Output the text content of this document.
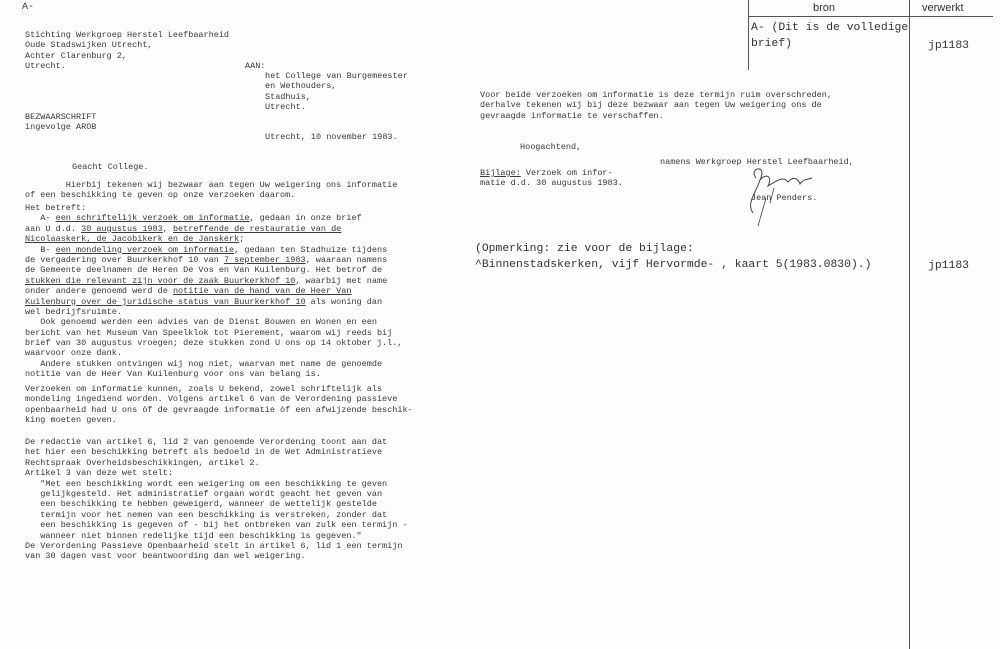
A-
Stichting Werkgroep Herstel Leefbaarheid
Oude Stadswijken Utrecht,
Achter Clarenburg 2,
Utrecht.	AAN:
het College van Burgemeester
en Wethouders,
Stadhuis,
Utrecht.
BEZWAARSCHRIFT
ingevolge AROB
Utrecht, 10 november 1983.
Geacht College.
Hierbij tekenen wij bezwaar aan tegen Uw weigering ons informatie
of een beschikking te geven op onze verzoeken daarom.
Het betreft:
A- een schriftelijk verzoek om informatie, gedaan in onze brief
aan U d.d. 30 augustus 1983, betreffende de restauratie van de
Nicolaaskerk, de Jacobikerk en de Janskerk;
B- een mondeling verzoek om informatie, gedaan ten Stadhuize tijdens
de vergadering over Buurkerkhof 10 van 7 september 1983, waaraan namens
de Gemeente deelnamen de Heren De Vos en Van Kuilenburg. Het betrof de
stukken die relevant zijn voor de zaak Buurkerkhof 10, waarbij met name
onder andere genoemd werd de notitie van de hand van de Heer Van
Kuilenburg over de juridische status van Buurkerkhof 10 als woning dan
wel bedrijfsruimte.
Ook genoemd werden een advies van de Dienst Bouwen en Wonen en een
bericht van het Museum Van Speelklok tot Pierement, waarom wij reeds bij
brief van 30 augustus vroegen; deze stukken zond U ons op 14 oktober j.l.,
waarvoor onze dank.
Andere stukken ontvingen wij nog niet, waarvan met name de genoemde
notitie van de Heer Van Kuilenburg voor ons van belang is.
Verzoeken om informatie kunnen, zoals U bekend, zowel schriftelijk als
mondeling ingediend worden. Volgens artikel 6 van de Verordening passieve
openbaarheid had U ons òf de gevraagde informatie òf een afwijzende beschik-
king moeten geven.
De redactie van artikel 6, lid 2 van genoemde Verordening toont aan dat
het hier een beschikking betreft als bedoeld in de Wet Administratieve
Rechtspraak Overheidsbeschikkingen, artikel 2.
Artikel 3 van deze wet stelt:
"Met een beschikking wordt een weigering om een beschikking te geven
gelijkgesteld. Het administratief orgaan wordt geacht het geven van
een beschikking te hebben geweigerd, wanneer de wettelijk gestelde
termijn voor het nemen van een beschikking is verstreken, zonder dat
een beschikking is gegeven of - bij het ontbreken van zulk een termijn -
wanneer niet binnen redelijke tijd een beschikking is gegeven."
De Verordening Passieve Openbaarheid stelt in artikel 6, lid 1 een termijn
van 30 dagen vast voor beantwoording dan wel weigering.
Voor beide verzoeken om informatie is deze termijn ruim overschreden,
derhalve tekenen wij bij deze bezwaar aan tegen Uw weigering ons de
gevraagde informatie te verschaffen.
Hoogachtend,
namens Werkgroep Herstel Leefbaarheid,
Bijlage: Verzoek om infor-
matie d.d. 30 augustus 1983.
Jean Penders.
bron	verwerkt
A- (Dit is de volledige
brief)	jp1183
(Opmerking: zie voor de bijlage:
^Binnenstadskerken, vijf Hervormde- , kaart 5(1983.0830).)	jp1183
